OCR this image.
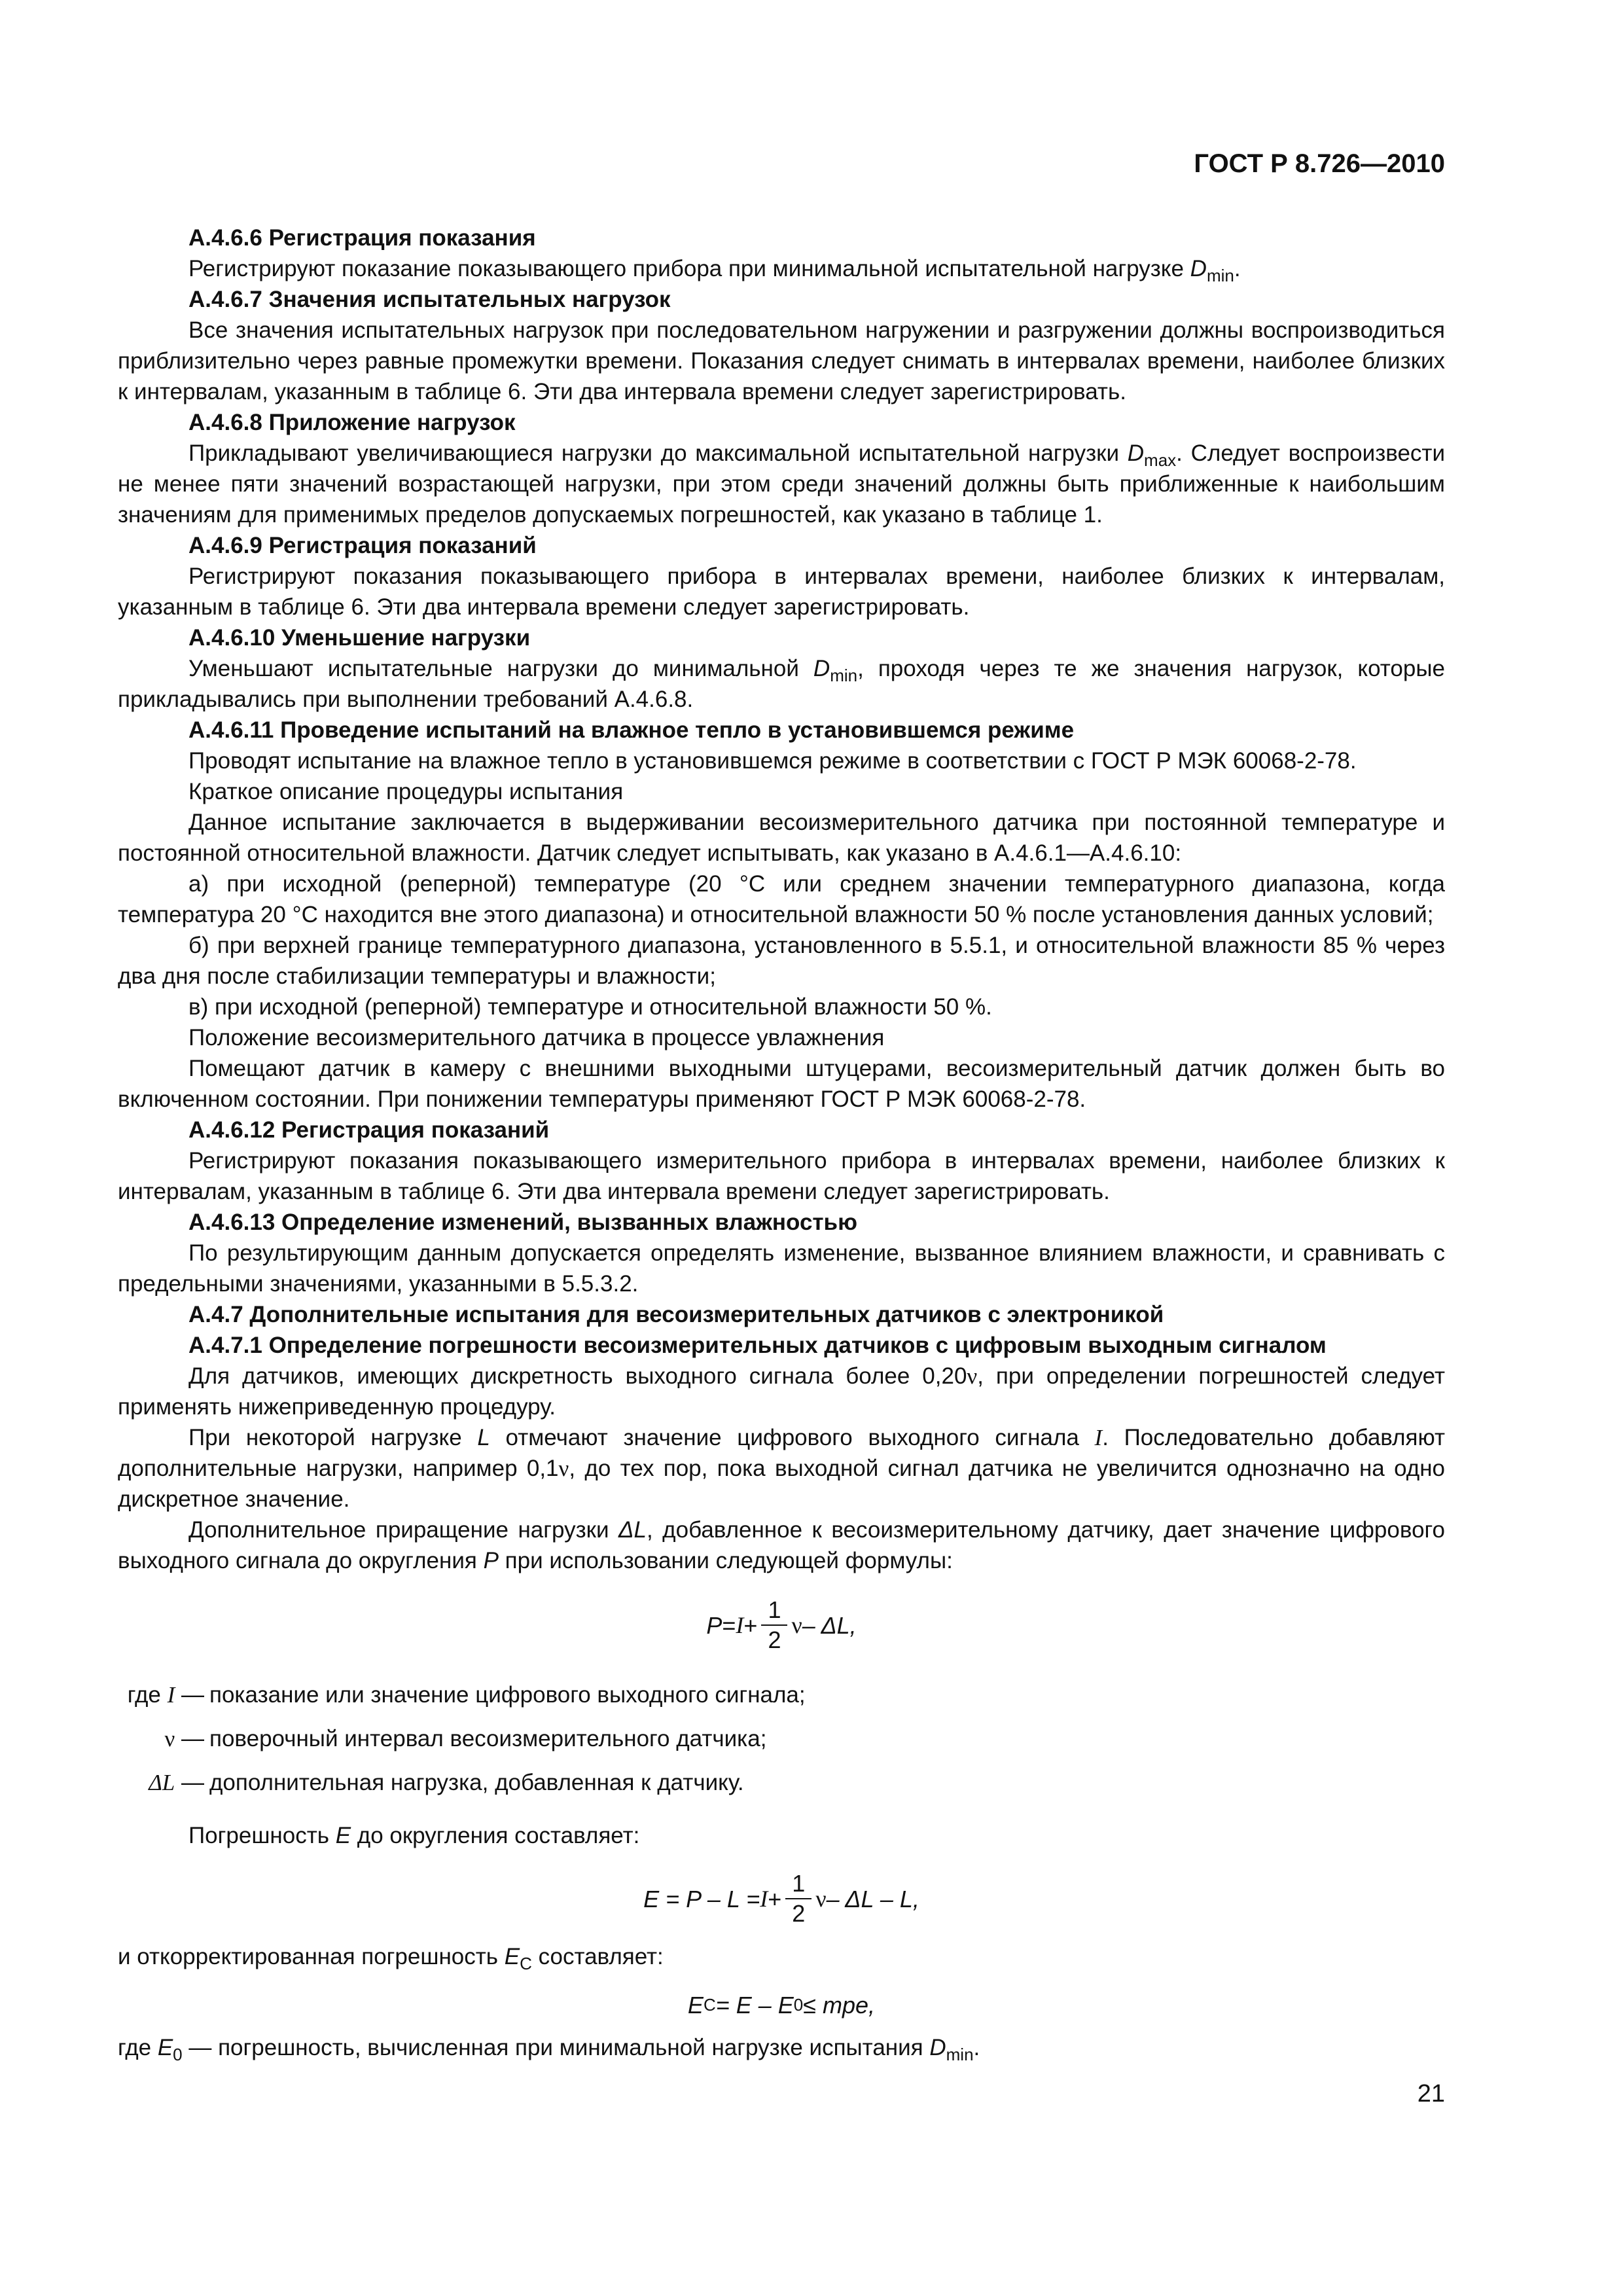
ГОСТ Р 8.726—2010

А.4.6.6 Регистрация показания

Регистрируют показание показывающего прибора при минимальной испытательной нагрузке $D_{min}$.

А.4.6.7 Значения испытательных нагрузок

Все значения испытательных нагрузок при последовательном нагружении и разгружении должны воспроизводиться приблизительно через равные промежутки времени. Показания следует снимать в интервалах времени, наиболее близких к интервалам, указанным в таблице 6. Эти два интервала времени следует зарегистрировать.

А.4.6.8 Приложение нагрузок

Прикладывают увеличивающиеся нагрузки до максимальной испытательной нагрузки $D_{max}$. Следует воспроизвести не менее пяти значений возрастающей нагрузки, при этом среди значений должны быть приближенные к наибольшим значениям для применимых пределов допускаемых погрешностей, как указано в таблице 1.

А.4.6.9 Регистрация показаний

Регистрируют показания показывающего прибора в интервалах времени, наиболее близких к интервалам, указанным в таблице 6. Эти два интервала времени следует зарегистрировать.

А.4.6.10 Уменьшение нагрузки

Уменьшают испытательные нагрузки до минимальной $D_{min}$, проходя через те же значения нагрузок, которые прикладывались при выполнении требований А.4.6.8.

А.4.6.11 Проведение испытаний на влажное тепло в установившемся режиме

Проводят испытание на влажное тепло в установившемся режиме в соответствии с ГОСТ Р МЭК 60068-2-78.

Краткое описание процедуры испытания

Данное испытание заключается в выдерживании весоизмерительного датчика при постоянной температуре и постоянной относительной влажности. Датчик следует испытывать, как указано в А.4.6.1—А.4.6.10:

а) при исходной (реперной) температуре (20 °С или среднем значении температурного диапазона, когда температура 20 °С находится вне этого диапазона) и относительной влажности 50 % после установления данных условий;

б) при верхней границе температурного диапазона, установленного в 5.5.1, и относительной влажности 85 % через два дня после стабилизации температуры и влажности;

в) при исходной (реперной) температуре и относительной влажности 50 %.

Положение весоизмерительного датчика в процессе увлажнения

Помещают датчик в камеру с внешними выходными штуцерами, весоизмерительный датчик должен быть во включенном состоянии. При понижении температуры применяют ГОСТ Р МЭК 60068-2-78.

А.4.6.12 Регистрация показаний

Регистрируют показания показывающего измерительного прибора в интервалах времени, наиболее близких к интервалам, указанным в таблице 6. Эти два интервала времени следует зарегистрировать.

А.4.6.13 Определение изменений, вызванных влажностью

По результирующим данным допускается определять изменение, вызванное влиянием влажности, и сравнивать с предельными значениями, указанными в 5.5.3.2.

А.4.7 Дополнительные испытания для весоизмерительных датчиков с электроникой

А.4.7.1 Определение погрешности весоизмерительных датчиков с цифровым выходным сигналом

Для датчиков, имеющих дискретность выходного сигнала более 0,20ν, при определении погрешностей следует применять нижеприведенную процедуру.

При некоторой нагрузке L отмечают значение цифрового выходного сигнала I. Последовательно добавляют дополнительные нагрузки, например 0,1ν, до тех пор, пока выходной сигнал датчика не увеличится однозначно на одно дискретное значение.

Дополнительное приращение нагрузки ΔL, добавленное к весоизмерительному датчику, дает значение цифрового выходного сигнала до округления P при использовании следующей формулы:

$P = I + \frac{1}{2}$ ν – ΔL,
где I — показание или значение цифрового выходного сигнала;
ν — поверочный интервал весоизмерительного датчика;
ΔL — дополнительная нагрузка, добавленная к датчику.

Погрешность E до округления составляет:

$E = P - L = I + \frac{1}{2}$ ν – ΔL – L,

и откорректированная погрешность $E_C$ составляет:

E C = E – E 0 ≤ mpe,

где $E_0$ — погрешность, вычисленная при минимальной нагрузке испытания $D_{min}$.

21
